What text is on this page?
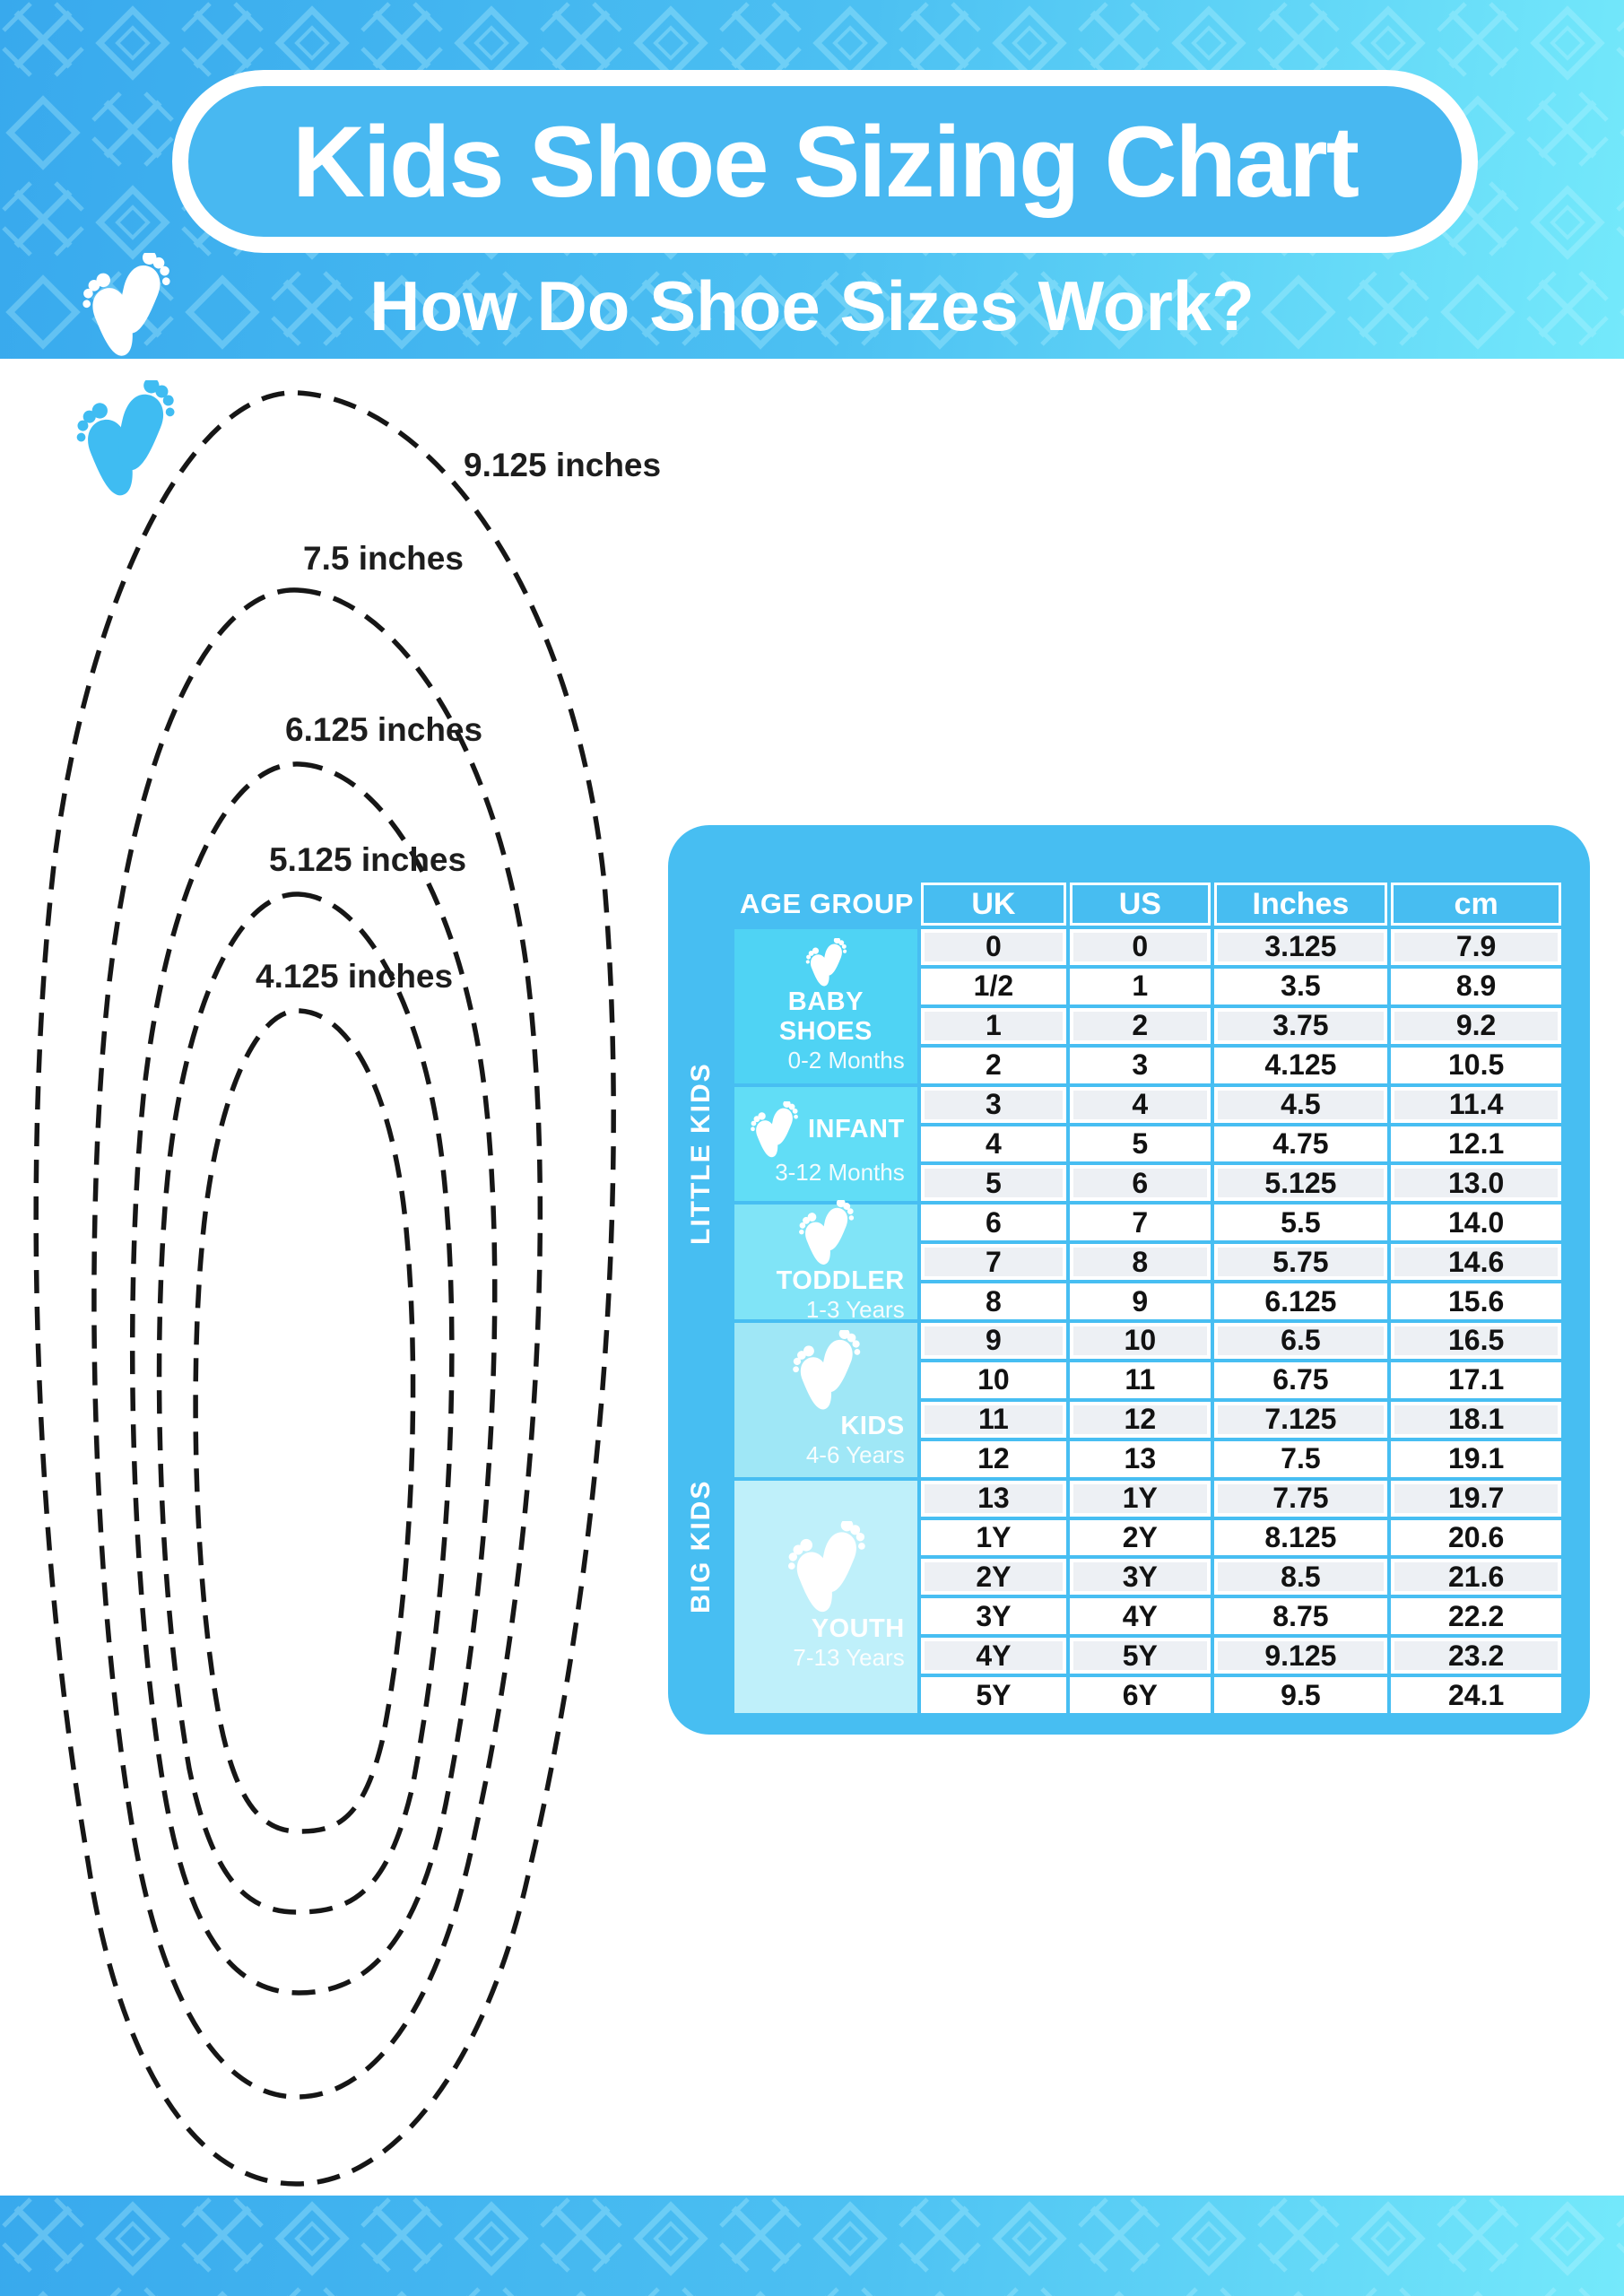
Kids Shoe Sizing Chart
How Do Shoe Sizes Work?
9.125 inches
7.5 inches
6.125 inches
5.125 inches
4.125 inches
LITTLE KIDS
BIG KIDS
AGE GROUP	UK	US	Inches	cm
BABY SHOES
0-2 Months
INFANT
3-12 Months
TODDLER
1-3 Years
KIDS
4-6 Years
YOUTH
7-13 Years
0	0	3.125	7.9
1/2	1	3.5	8.9
1	2	3.75	9.2
2	3	4.125	10.5
3	4	4.5	11.4
4	5	4.75	12.1
5	6	5.125	13.0
6	7	5.5	14.0
7	8	5.75	14.6
8	9	6.125	15.6
9	10	6.5	16.5
10	11	6.75	17.1
11	12	7.125	18.1
12	13	7.5	19.1
13	1Y	7.75	19.7
1Y	2Y	8.125	20.6
2Y	3Y	8.5	21.6
3Y	4Y	8.75	22.2
4Y	5Y	9.125	23.2
5Y	6Y	9.5	24.1
